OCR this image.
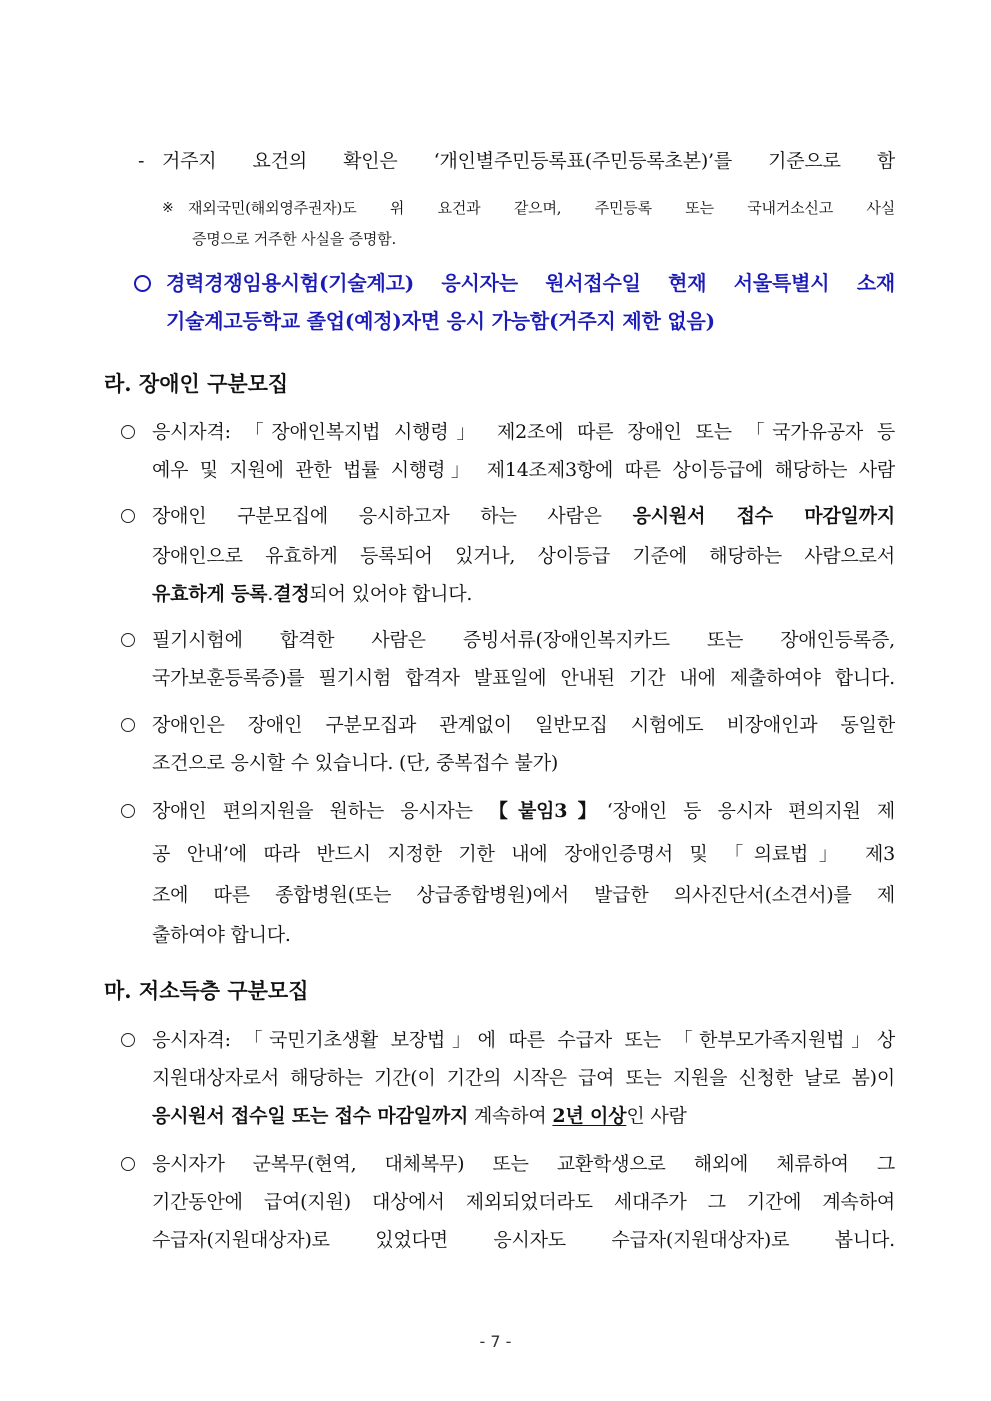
- 거주지 요건의 확인은 ‘개인별주민등록표(주민등록초본)’를 기준으로 함
※ 재외국민(해외영주권자)도 위 요건과 같으며, 주민등록 또는 국내거소신고 사실
증명으로 거주한 사실을 증명함.
경력경쟁임용시험(기술계고) 응시자는 원서접수일 현재 서울특별시 소재
기술계고등학교 졸업(예정)자면 응시 가능함(거주지 제한 없음)
라. 장애인 구분모집
응시자격: 「장애인복지법 시행령」 제2조에 따른 장애인 또는 「국가유공자 등
예우 및 지원에 관한 법률 시행령」 제14조제3항에 따른 상이등급에 해당하는 사람
장애인 구분모집에 응시하고자 하는 사람은 응시원서 접수 마감일까지
장애인으로 유효하게 등록되어 있거나, 상이등급 기준에 해당하는 사람으로서
유효하게 등록.결정되어 있어야 합니다.
필기시험에 합격한 사람은 증빙서류(장애인복지카드 또는 장애인등록증,
국가보훈등록증)를 필기시험 합격자 발표일에 안내된 기간 내에 제출하여야 합니다.
장애인은 장애인 구분모집과 관계없이 일반모집 시험에도 비장애인과 동일한
조건으로 응시할 수 있습니다. (단, 중복접수 불가)
장애인 편의지원을 원하는 응시자는 【붙임3】‘장애인 등 응시자 편의지원 제
공 안내’에 따라 반드시 지정한 기한 내에 장애인증명서 및 「의료법」 제3
조에 따른 종합병원(또는 상급종합병원)에서 발급한 의사진단서(소견서)를 제
출하여야 합니다.
마. 저소득층 구분모집
응시자격: 「국민기초생활 보장법」에 따른 수급자 또는 「한부모가족지원법」상
지원대상자로서 해당하는 기간(이 기간의 시작은 급여 또는 지원을 신청한 날로 봄)이
응시원서 접수일 또는 접수 마감일까지 계속하여 2년 이상인 사람
응시자가 군복무(현역, 대체복무) 또는 교환학생으로 해외에 체류하여 그
기간동안에 급여(지원) 대상에서 제외되었더라도 세대주가 그 기간에 계속하여
수급자(지원대상자)로 있었다면 응시자도 수급자(지원대상자)로 봅니다.
- 7 -
